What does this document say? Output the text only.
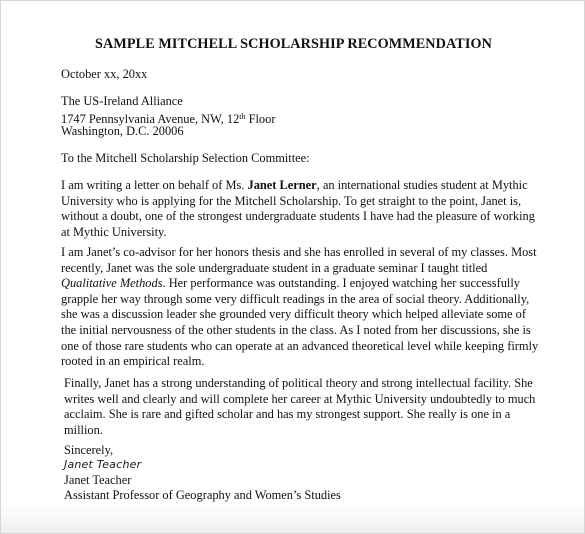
SAMPLE MITCHELL SCHOLARSHIP RECOMMENDATION
October xx, 20xx
The US-Ireland Alliance
1747 Pennsylvania Avenue, NW, 12th Floor
Washington, D.C. 20006
To the Mitchell Scholarship Selection Committee:
I am writing a letter on behalf of Ms. Janet Lerner, an international studies student at Mythic
University who is applying for the Mitchell Scholarship. To get straight to the point, Janet is,
without a doubt, one of the strongest undergraduate students I have had the pleasure of working
at Mythic University.
I am Janet’s co-advisor for her honors thesis and she has enrolled in several of my classes. Most
recently, Janet was the sole undergraduate student in a graduate seminar I taught titled
Qualitative Methods. Her performance was outstanding. I enjoyed watching her successfully
grapple her way through some very difficult readings in the area of social theory. Additionally,
she was a discussion leader she grounded very difficult theory which helped alleviate some of
the initial nervousness of the other students in the class. As I noted from her discussions, she is
one of those rare students who can operate at an advanced theoretical level while keeping firmly
rooted in an empirical realm.
Finally, Janet has a strong understanding of political theory and strong intellectual facility. She
writes well and clearly and will complete her career at Mythic University undoubtedly to much
acclaim. She is rare and gifted scholar and has my strongest support. She really is one in a
million.
Sincerely,
Janet Teacher
Janet Teacher
Assistant Professor of Geography and Women’s Studies
